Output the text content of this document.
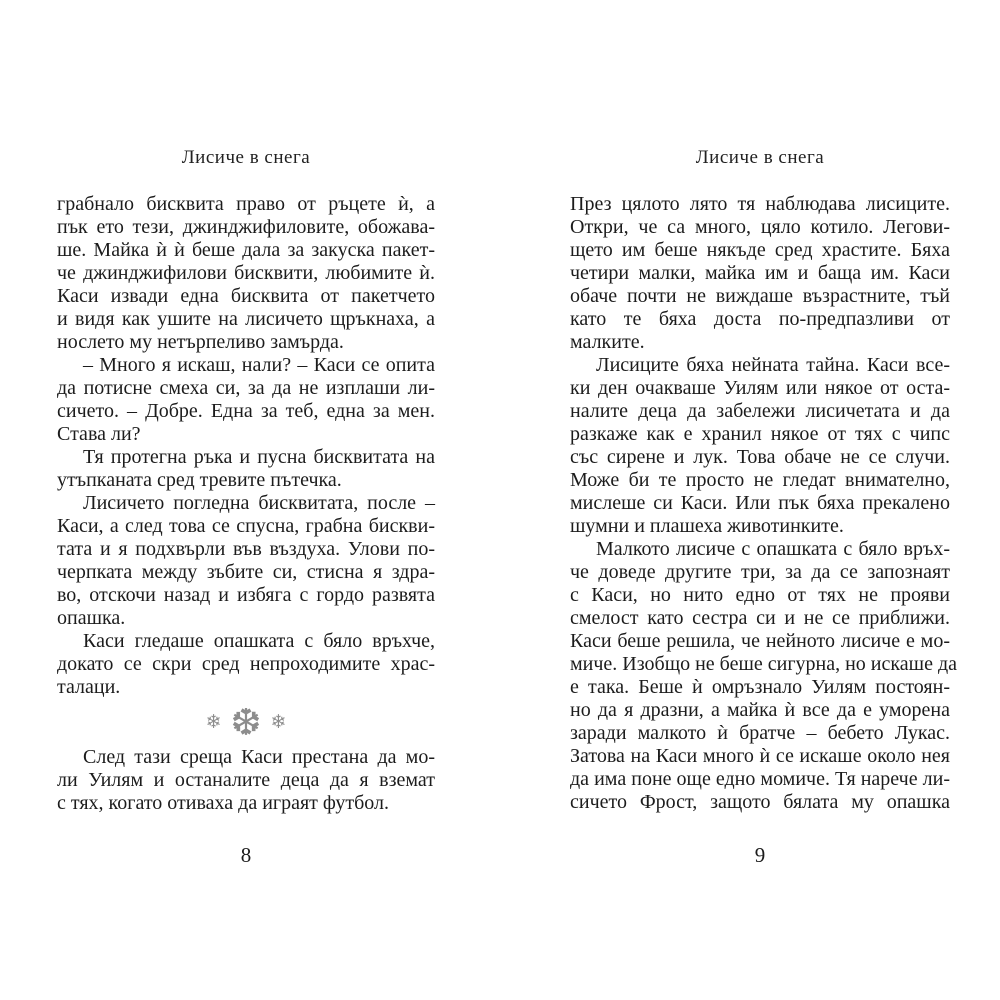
Лисиче в снега
грабнало бисквита право от ръцете ѝ, а
пък ето тези, джинджифиловите, обожава-
ше. Майка ѝ ѝ беше дала за закуска пакет-
че джинджифилови бисквити, любимите ѝ.
Каси извади една бисквита от пакетчето
и видя как ушите на лисичето щръкнаха, а
нослето му нетърпеливо замърда.
– Много я искаш, нали? – Каси се опита
да потисне смеха си, за да не изплаши ли-
сичето. – Добре. Една за теб, една за мен.
Става ли?
Тя протегна ръка и пусна бисквитата на
утъпканата сред тревите пътечка.
Лисичето погледна бисквитата, после –
Каси, а след това се спусна, грабна бискви-
тата и я подхвърли във въздуха. Улови по-
черпката между зъбите си, стисна я здра-
во, отскочи назад и избяга с гордо развята
опашка.
Каси гледаше опашката с бяло връхче,
докато се скри сред непроходимите храс-
талаци.
❄ ❆ ❄
След тази среща Каси престана да мо-
ли Уилям и останалите деца да я вземат
с тях, когато отиваха да играят футбол.
8
Лисиче в снега
През цялото лято тя наблюдава лисиците.
Откри, че са много, цяло котило. Легови-
щето им беше някъде сред храстите. Бяха
четири малки, майка им и баща им. Каси
обаче почти не виждаше възрастните, тъй
като те бяха доста по-предпазливи от
малките.
Лисиците бяха нейната тайна. Каси все-
ки ден очакваше Уилям или някое от оста-
налите деца да забележи лисичетата и да
разкаже как е хранил някое от тях с чипс
със сирене и лук. Това обаче не се случи.
Може би те просто не гледат внимателно,
мислеше си Каси. Или пък бяха прекалено
шумни и плашеха животинките.
Малкото лисиче с опашката с бяло връх-
че доведе другите три, за да се запознаят
с Каси, но нито едно от тях не прояви
смелост като сестра си и не се приближи.
Каси беше решила, че нейното лисиче е мо-
миче. Изобщо не беше сигурна, но искаше да
е така. Беше ѝ омръзнало Уилям постоян-
но да я дразни, а майка ѝ все да е уморена
заради малкото ѝ братче – бебето Лукас.
Затова на Каси много ѝ се искаше около нея
да има поне още едно момиче. Тя нарече ли-
сичето Фрост, защото бялата му опашка
9
